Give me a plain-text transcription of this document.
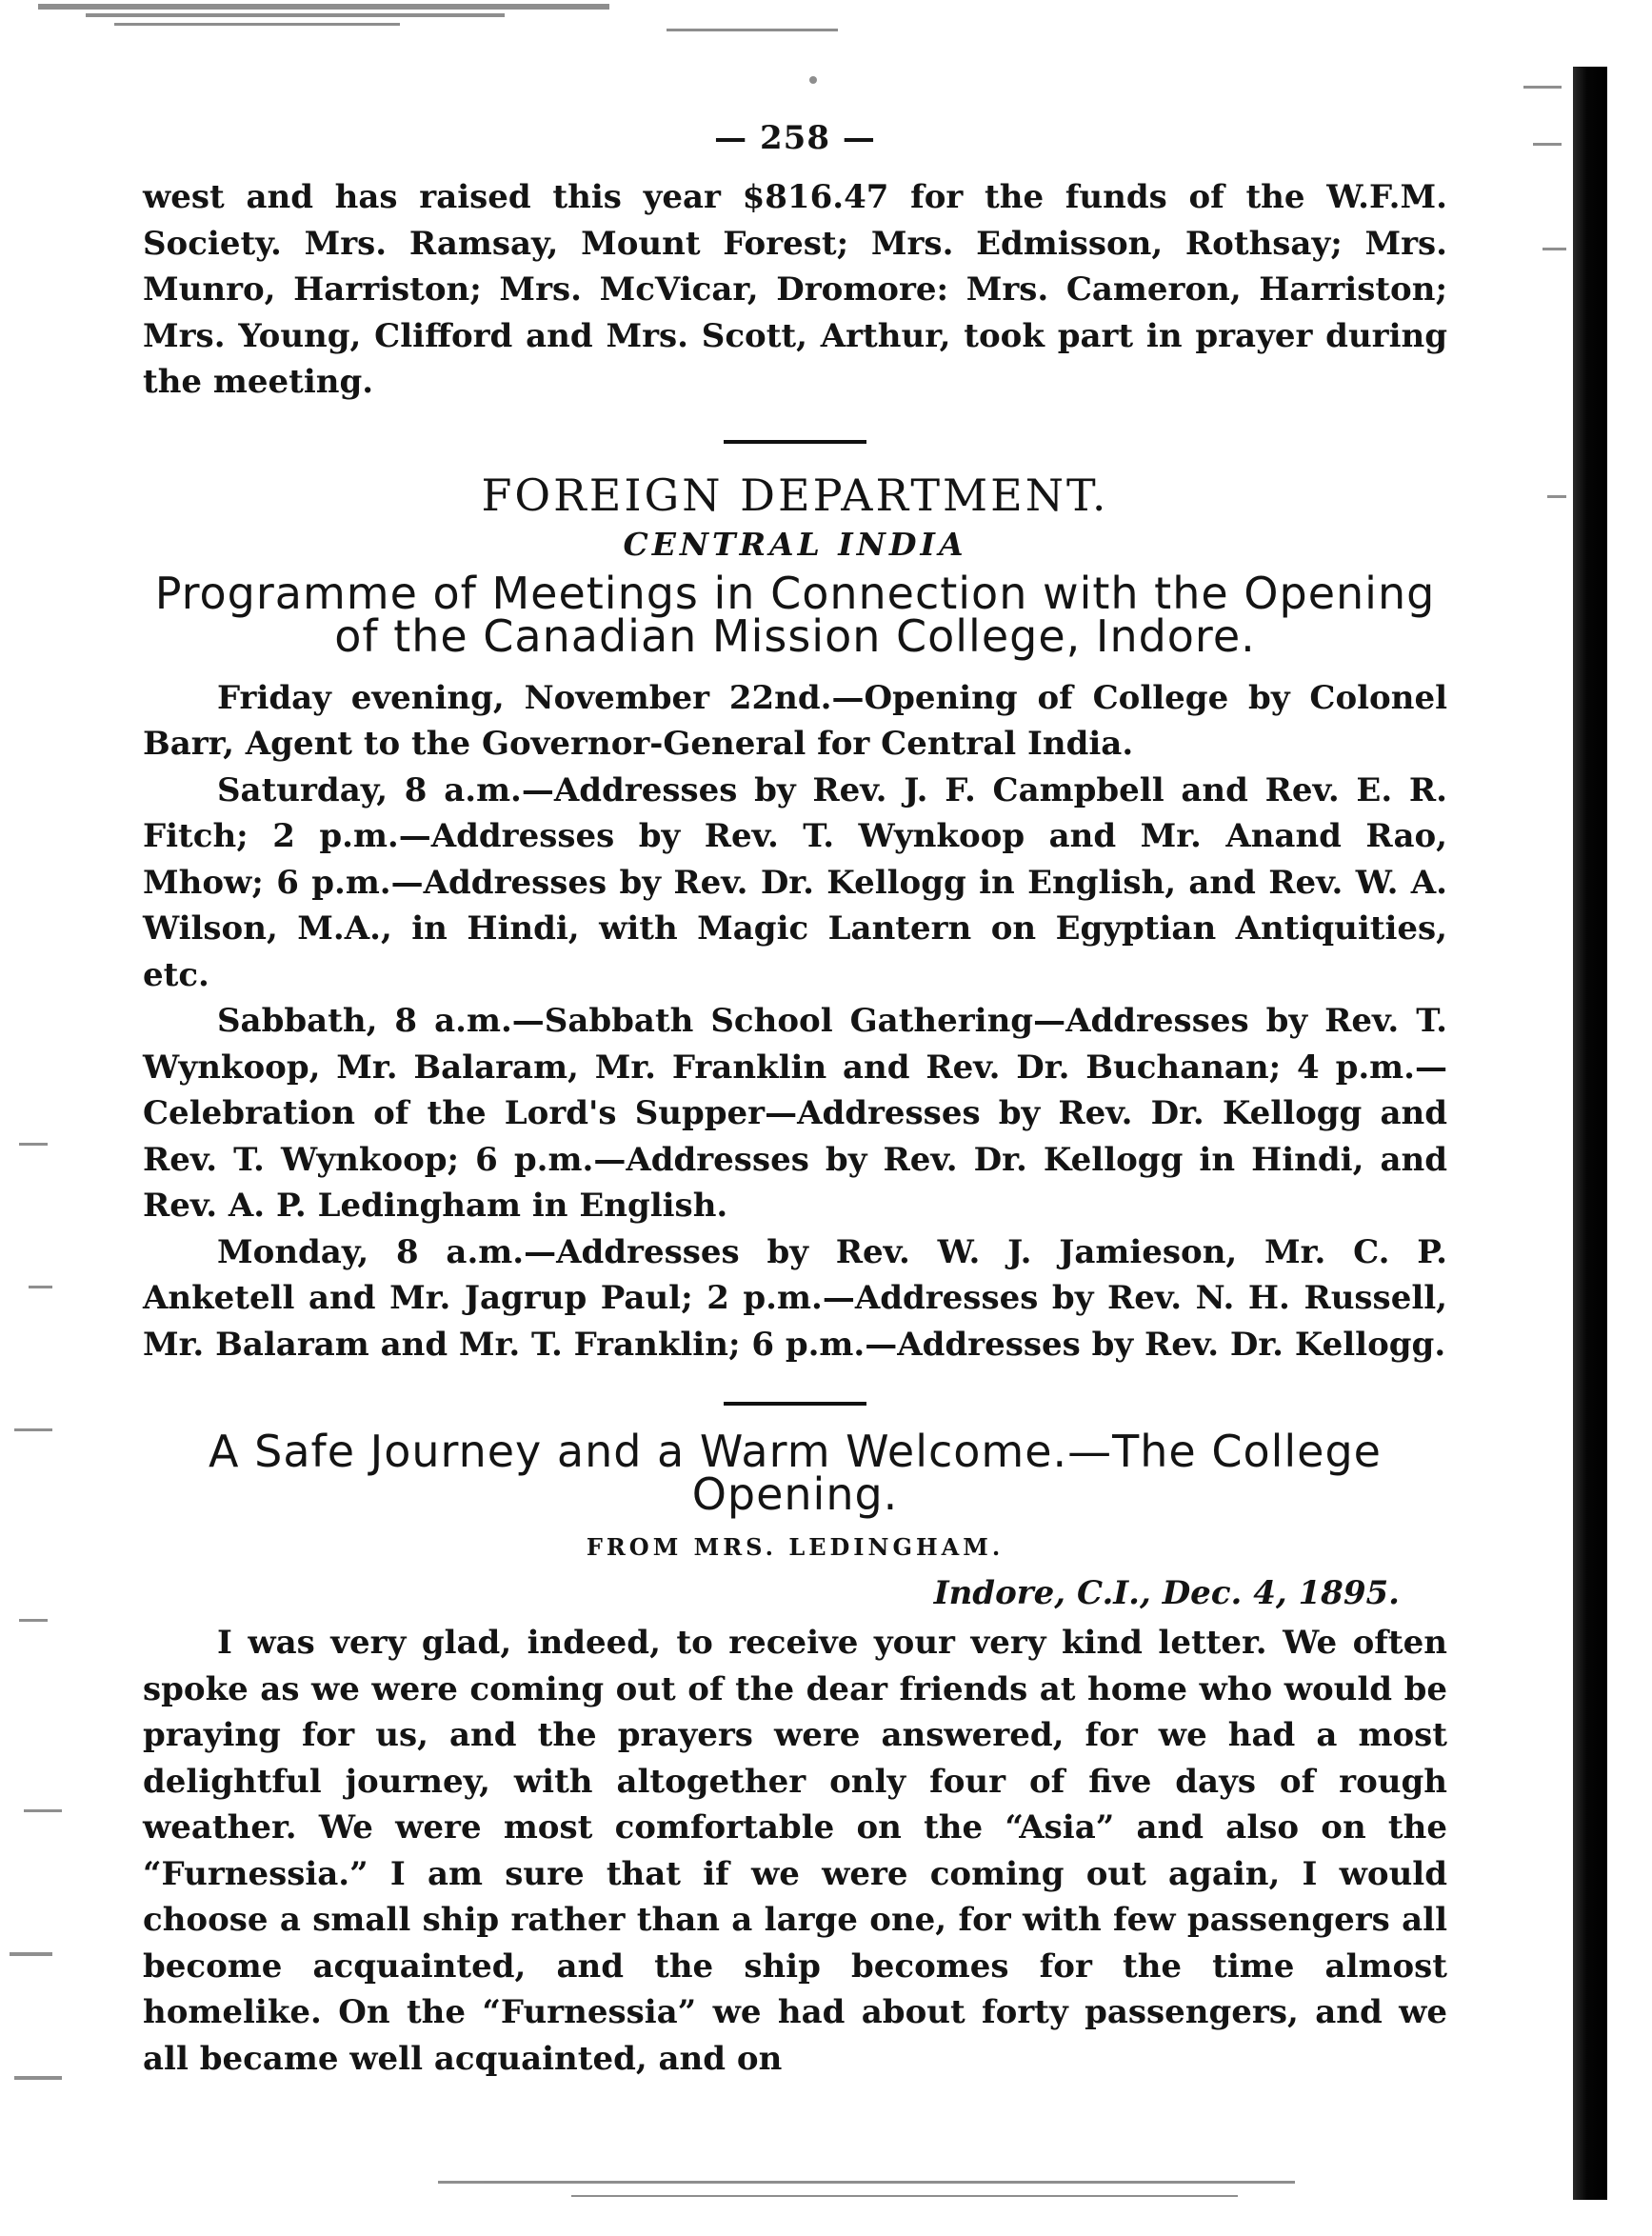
— 258 —

west and has raised this year $816.47 for the funds of the W.F.M. Society. Mrs. Ramsay, Mount Forest; Mrs. Edmisson, Rothsay; Mrs. Munro, Harriston; Mrs. McVicar, Dromore: Mrs. Cameron, Harriston; Mrs. Young, Clifford and Mrs. Scott, Arthur, took part in prayer during the meeting.

FOREIGN DEPARTMENT.
CENTRAL INDIA
Programme of Meetings in Connection with the Opening of the Canadian Mission College, Indore.

Friday evening, November 22nd.—Opening of College by Colonel Barr, Agent to the Governor-General for Central India.

Saturday, 8 a.m.—Addresses by Rev. J. F. Campbell and Rev. E. R. Fitch; 2 p.m.—Addresses by Rev. T. Wynkoop and Mr. Anand Rao, Mhow; 6 p.m.—Addresses by Rev. Dr. Kellogg in English, and Rev. W. A. Wilson, M.A., in Hindi, with Magic Lantern on Egyptian Antiquities, etc.

Sabbath, 8 a.m.—Sabbath School Gathering—Addresses by Rev. T. Wynkoop, Mr. Balaram, Mr. Franklin and Rev. Dr. Buchanan; 4 p.m.—Celebration of the Lord's Supper—Addresses by Rev. Dr. Kellogg and Rev. T. Wynkoop; 6 p.m.—Addresses by Rev. Dr. Kellogg in Hindi, and Rev. A. P. Ledingham in English.

Monday, 8 a.m.—Addresses by Rev. W. J. Jamieson, Mr. C. P. Anketell and Mr. Jagrup Paul; 2 p.m.—Addresses by Rev. N. H. Russell, Mr. Balaram and Mr. T. Franklin; 6 p.m.—Addresses by Rev. Dr. Kellogg.

A Safe Journey and a Warm Welcome.—The College Opening.
FROM MRS. LEDINGHAM.
Indore, C.I., Dec. 4, 1895.

I was very glad, indeed, to receive your very kind letter. We often spoke as we were coming out of the dear friends at home who would be praying for us, and the prayers were answered, for we had a most delightful journey, with altogether only four of five days of rough weather. We were most comfortable on the “Asia” and also on the “Furnessia.” I am sure that if we were coming out again, I would choose a small ship rather than a large one, for with few passengers all become acquainted, and the ship becomes for the time almost homelike. On the “Furnessia” we had about forty passengers, and we all became well acquainted, and on
